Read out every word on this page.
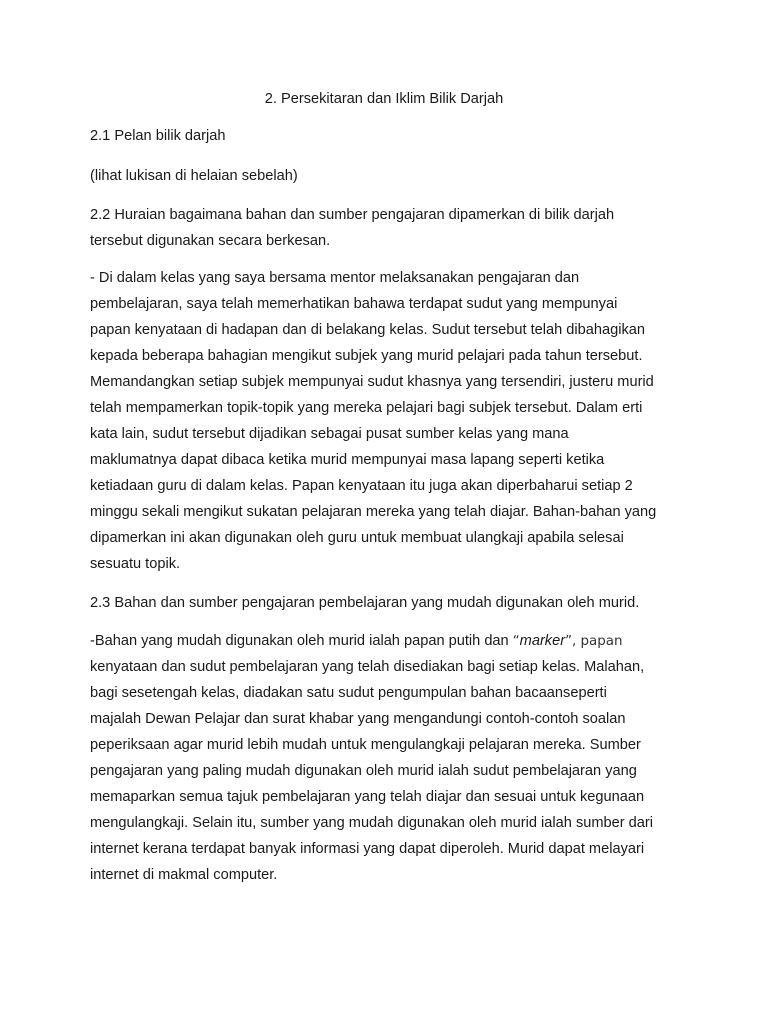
2. Persekitaran dan Iklim Bilik Darjah
2.1 Pelan bilik darjah
(lihat lukisan di helaian sebelah)
2.2 Huraian bagaimana bahan dan sumber pengajaran dipamerkan di bilik darjah
tersebut digunakan secara berkesan.
- Di dalam kelas yang saya bersama mentor melaksanakan pengajaran dan
pembelajaran, saya telah memerhatikan bahawa terdapat sudut yang mempunyai
papan kenyataan di hadapan dan di belakang kelas. Sudut tersebut telah dibahagikan
kepada beberapa bahagian mengikut subjek yang murid pelajari pada tahun tersebut.
Memandangkan setiap subjek mempunyai sudut khasnya yang tersendiri, justeru murid
telah mempamerkan topik-topik yang mereka pelajari bagi subjek tersebut. Dalam erti
kata lain, sudut tersebut dijadikan sebagai pusat sumber kelas yang mana
maklumatnya dapat dibaca ketika murid mempunyai masa lapang seperti ketika
ketiadaan guru di dalam kelas. Papan kenyataan itu juga akan diperbaharui setiap 2
minggu sekali mengikut sukatan pelajaran mereka yang telah diajar. Bahan-bahan yang
dipamerkan ini akan digunakan oleh guru untuk membuat ulangkaji apabila selesai
sesuatu topik.
2.3 Bahan dan sumber pengajaran pembelajaran yang mudah digunakan oleh murid.
-Bahan yang mudah digunakan oleh murid ialah papan putih dan “marker”, papan
kenyataan dan sudut pembelajaran yang telah disediakan bagi setiap kelas. Malahan,
bagi sesetengah kelas, diadakan satu sudut pengumpulan bahan bacaanseperti
majalah Dewan Pelajar dan surat khabar yang mengandungi contoh-contoh soalan
peperiksaan agar murid lebih mudah untuk mengulangkaji pelajaran mereka. Sumber
pengajaran yang paling mudah digunakan oleh murid ialah sudut pembelajaran yang
memaparkan semua tajuk pembelajaran yang telah diajar dan sesuai untuk kegunaan
mengulangkaji. Selain itu, sumber yang mudah digunakan oleh murid ialah sumber dari
internet kerana terdapat banyak informasi yang dapat diperoleh. Murid dapat melayari
internet di makmal computer.
